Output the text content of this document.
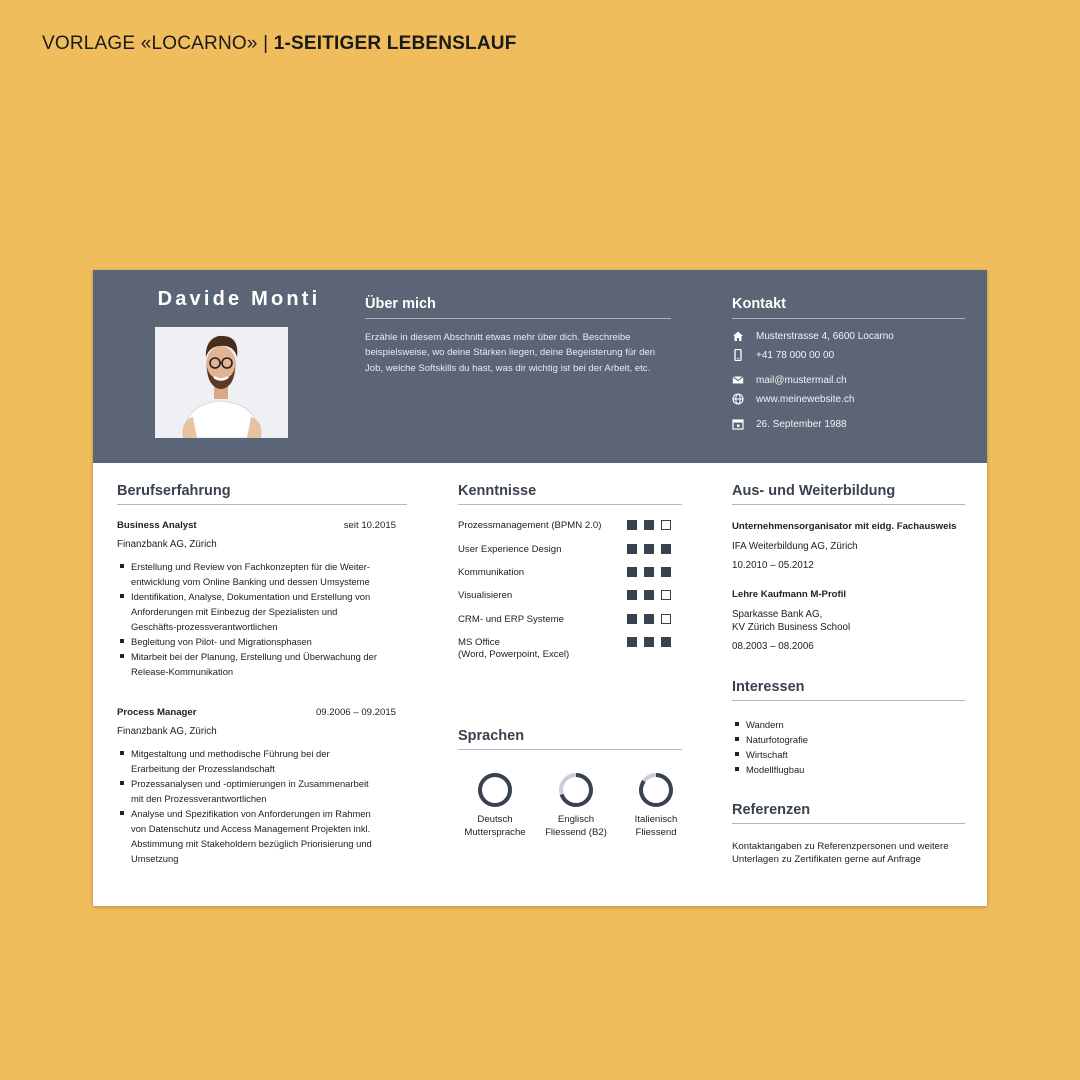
VORLAGE «LOCARNO» | 1-SEITIGER LEBENSLAUF
Davide Monti	Über mich
Erzähle in diesem Abschnitt etwas mehr über dich. Beschreibe beispielsweise, wo deine Stärken liegen, deine Begeisterung für den Job, welche Softskills du hast, was dir wichtig ist bei der Arbeit, etc.
Kontakt
Musterstrasse 4, 6600 Locarno
+41 78 000 00 00
mail@mustermail.ch
www.meinewebsite.ch
26. September 1988
Berufserfahrung
Business Analyst	seit 10.2015
Finanzbank AG, Zürich
Erstellung und Review von Fachkonzepten für die Weiter-
entwicklung vom Online Banking und dessen Umsysteme
Identifikation, Analyse, Dokumentation und Erstellung von
Anforderungen mit Einbezug der Spezialisten und
Geschäfts-prozessverantwortlichen
Begleitung von Pilot- und Migrationsphasen
Mitarbeit bei der Planung, Erstellung und Überwachung der
Release-Kommunikation
Process Manager	09.2006 – 09.2015
Finanzbank AG, Zürich
Mitgestaltung und methodische Führung bei der
Erarbeitung der Prozesslandschaft
Prozessanalysen und -optimierungen in Zusammenarbeit
mit den Prozessverantwortlichen
Analyse und Spezifikation von Anforderungen im Rahmen
von Datenschutz und Access Management Projekten inkl.
Abstimmung mit Stakeholdern bezüglich Priorisierung und
Umsetzung
Kenntnisse
Prozessmanagement (BPMN 2.0)
User Experience Design
Kommunikation
Visualisieren
CRM- und ERP Systeme
MS Office
(Word, Powerpoint, Excel)
Sprachen
Deutsch
Muttersprache
Englisch
Fliessend (B2)
Italienisch
Fliessend
Aus- und Weiterbildung
Unternehmensorganisator mit eidg. Fachausweis
IFA Weiterbildung AG, Zürich
10.2010 – 05.2012
Lehre Kaufmann M-Profil
Sparkasse Bank AG,
KV Zürich Business School
08.2003 – 08.2006
Interessen
Wandern
Naturfotografie
Wirtschaft
Modellflugbau
Referenzen
Kontaktangaben zu Referenzpersonen und weitere Unterlagen zu Zertifikaten gerne auf Anfrage
